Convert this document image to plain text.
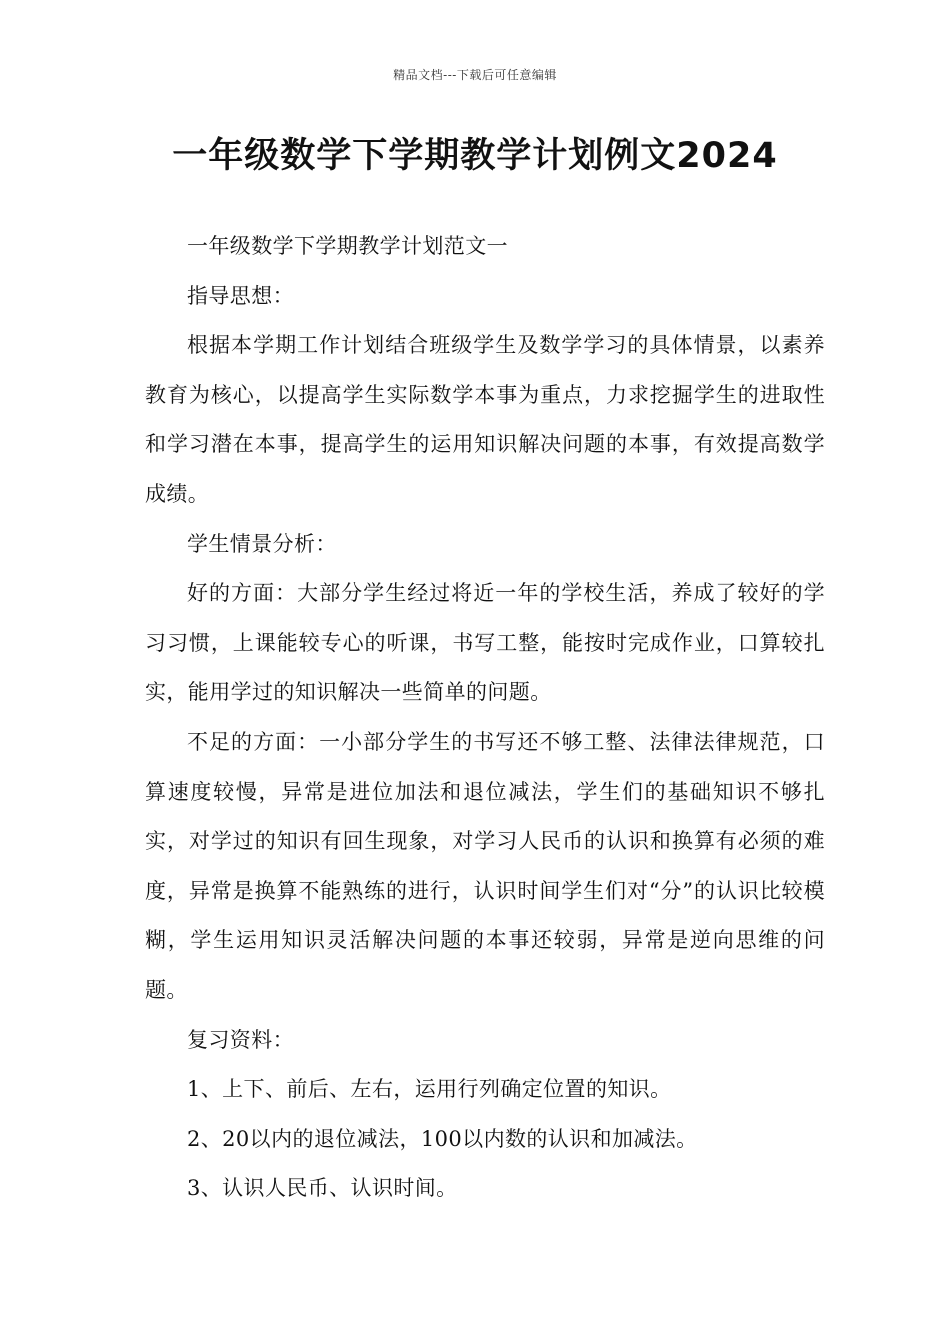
精品文档---下载后可任意编辑
一年级数学下学期教学计划例文2024

一年级数学下学期教学计划范文一

指导思想：

根据本学期工作计划结合班级学生及数学学习的具体情景，以素养教育为核心，以提高学生实际数学本事为重点，力求挖掘学生的进取性和学习潜在本事，提高学生的运用知识解决问题的本事，有效提高数学成绩。

学生情景分析：

好的方面：大部分学生经过将近一年的学校生活，养成了较好的学习习惯，上课能较专心的听课，书写工整，能按时完成作业，口算较扎实，能用学过的知识解决一些简单的问题。

不足的方面：一小部分学生的书写还不够工整、法律法律规范，口算速度较慢，异常是进位加法和退位减法，学生们的基础知识不够扎实，对学过的知识有回生现象，对学习人民币的认识和换算有必须的难度，异常是换算不能熟练的进行，认识时间学生们对“分”的认识比较模糊，学生运用知识灵活解决问题的本事还较弱，异常是逆向思维的问题。

复习资料：

1、上下、前后、左右，运用行列确定位置的知识。

2、20以内的退位减法，100以内数的认识和加减法。

3、认识人民币、认识时间。
